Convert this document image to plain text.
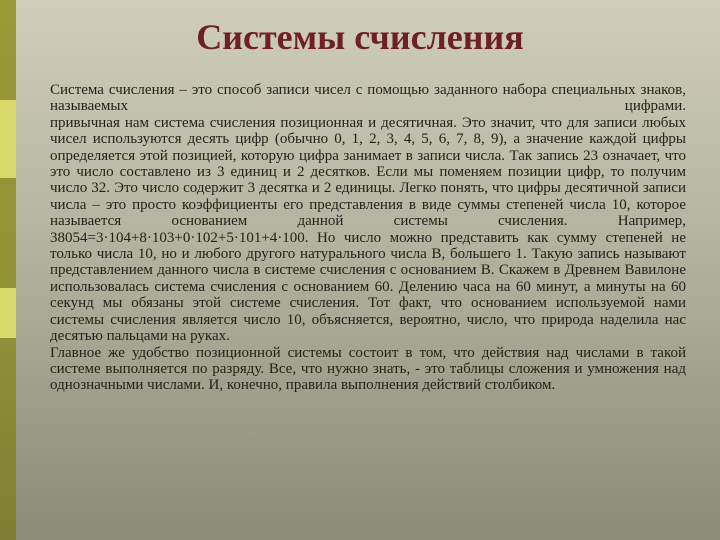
Системы счисления

Система счисления – это способ записи чисел с помощью заданного набора специальных знаков, называемых цифрами.

привычная нам система счисления позиционная и десятичная. Это значит, что для записи любых чисел используются десять цифр (обычно 0, 1, 2, 3, 4, 5, 6, 7, 8, 9), а значение каждой цифры определяется этой позицией, которую цифра занимает в записи числа. Так запись 23 означает, что это число составлено из 3 единиц и 2 десятков. Если мы поменяем позиции цифр, то получим число 32. Это число содержит 3 десятка и 2 единицы. Легко понять, что цифры десятичной записи числа – это просто коэффициенты его представления в виде суммы степеней числа 10, которое называется основанием данной системы счисления. Например, 38054=3·104+8·103+0·102+5·101+4·100. Но число можно представить как сумму степеней не только числа 10, но и любого другого натурального числа B, большего 1. Такую запись называют представлением данного числа в системе счисления с основанием B. Скажем в Древнем Вавилоне использовалась система счисления с основанием 60. Делению часа на 60 минут, а минуты на 60 секунд мы обязаны этой системе счисления. Тот факт, что основанием используемой нами системы счисления является число 10, объясняется, вероятно, число, что природа наделила нас десятью пальцами на руках.

Главное же удобство позиционной системы состоит в том, что действия над числами в такой системе выполняется по разряду. Все, что нужно знать, - это таблицы сложения и умножения над однозначными числами. И, конечно, правила выполнения действий столбиком.
